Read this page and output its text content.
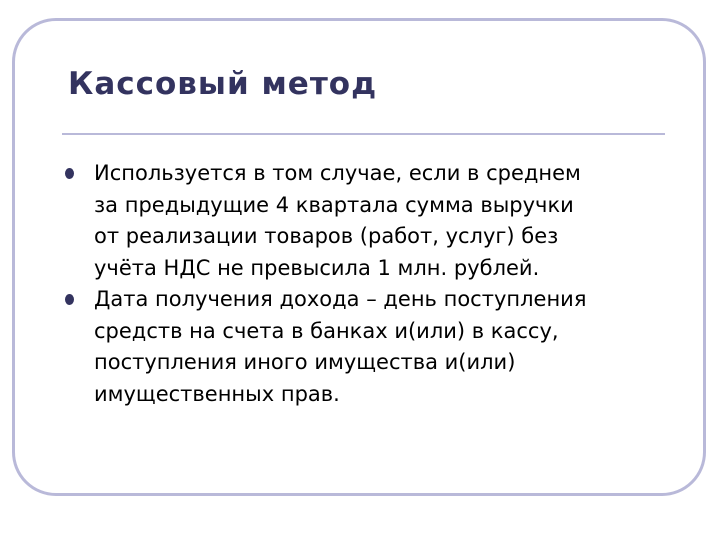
Кассовый метод
Используется в том случае, если в среднем
за предыдущие 4 квартала сумма выручки
от реализации товаров (работ, услуг) без
учёта НДС не превысила 1 млн. рублей.
Дата получения дохода – день поступления
средств на счета в банках и(или) в кассу,
поступления иного имущества и(или)
имущественных прав.
